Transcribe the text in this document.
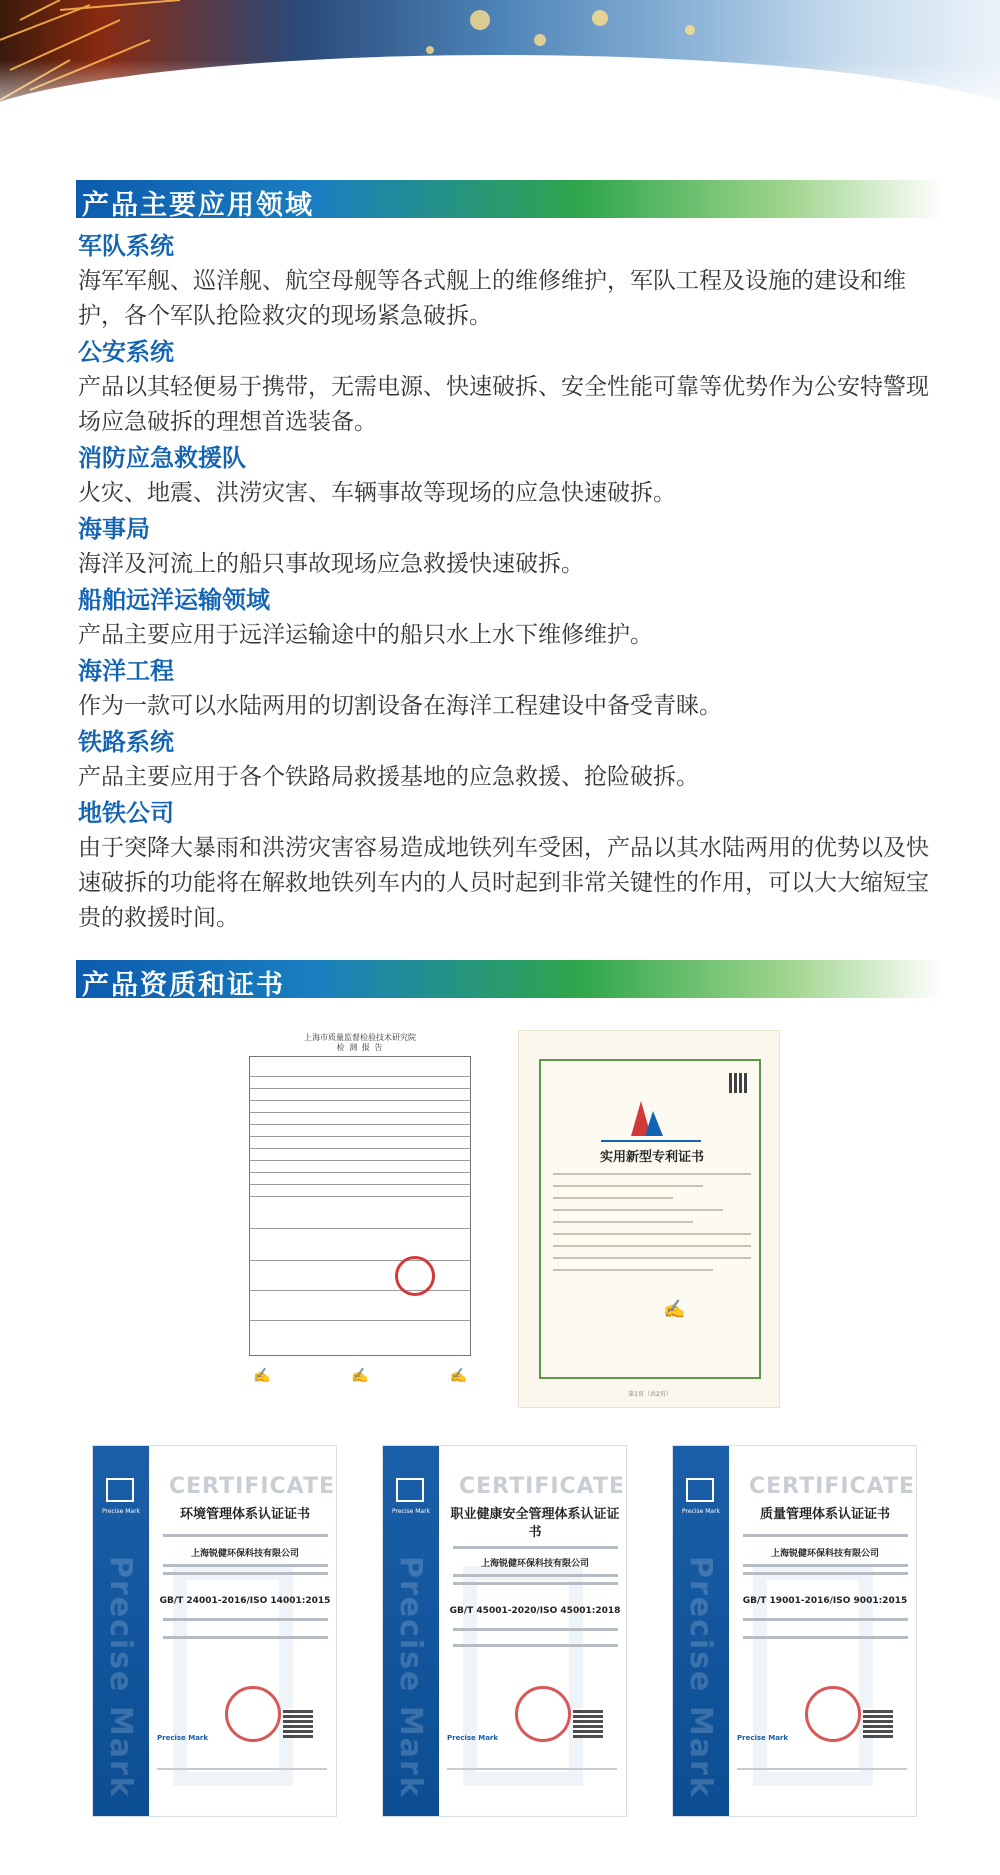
产品主要应用领域
军队系统
海军军舰、巡洋舰、航空母舰等各式舰上的维修维护，军队工程及设施的建设和维护，各个军队抢险救灾的现场紧急破拆。
公安系统
产品以其轻便易于携带，无需电源、快速破拆、安全性能可靠等优势作为公安特警现场应急破拆的理想首选装备。
消防应急救援队
火灾、地震、洪涝灾害、车辆事故等现场的应急快速破拆。
海事局
海洋及河流上的船只事故现场应急救援快速破拆。
船舶远洋运输领域
产品主要应用于远洋运输途中的船只水上水下维修维护。
海洋工程
作为一款可以水陆两用的切割设备在海洋工程建设中备受青睐。
铁路系统
产品主要应用于各个铁路局救援基地的应急救援、抢险破拆。
地铁公司
由于突降大暴雨和洪涝灾害容易造成地铁列车受困，产品以其水陆两用的优势以及快速破拆的功能将在解救地铁列车内的人员时起到非常关键性的作用，可以大大缩短宝贵的救援时间。
产品资质和证书
上海市质量监督检验技术研究院
检 测 报 告
✍	✍	✍
实用新型专利证书
✍
第1页（共2页）
Precise Mark
Precise Mark
CERTIFICATE
环境管理体系认证证书
上海锐健环保科技有限公司
GB/T 24001-2016/ISO 14001:2015
Precise Mark
Precise Mark
Precise Mark
CERTIFICATE
职业健康安全管理体系认证证书
上海锐健环保科技有限公司
GB/T 45001-2020/ISO 45001:2018
Precise Mark
Precise Mark
Precise Mark
CERTIFICATE
质量管理体系认证证书
上海锐健环保科技有限公司
GB/T 19001-2016/ISO 9001:2015
Precise Mark
